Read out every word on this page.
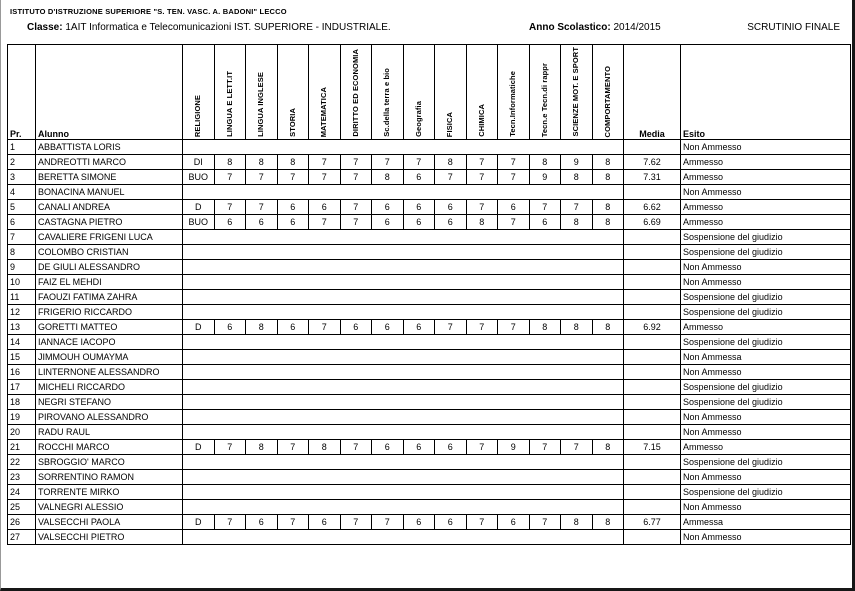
ISTITUTO D'ISTRUZIONE SUPERIORE "S. TEN. VASC. A. BADONI" LECCO
Classe: 1AIT Informatica e Telecomunicazioni IST. SUPERIORE - INDUSTRIALE.	Anno Scolastico: 2014/2015	SCRUTINIO FINALE
Pr.	Alunno	RELIGIONE	LINGUA E LETT.IT	LINGUA INGLESE	STORIA	MATEMATICA	DIRITTO ED ECONOMIA	Sc.della terra e bio	Geografia	FISICA	CHIMICA	Tecn.Informatiche	Tecn.e Tecn.di rappr	SCIENZE MOT. E SPORT	COMPORTAMENTO	Media	Esito
1	ABBATTISTA LORIS																Non Ammesso
2	ANDREOTTI MARCO	DI	8	8	8	7	7	7	7	8	7	7	8	9	8	7.62	Ammesso
3	BERETTA SIMONE	BUO	7	7	7	7	7	8	6	7	7	7	9	8	8	7.31	Ammesso
4	BONACINA MANUEL																Non Ammesso
5	CANALI ANDREA	D	7	7	6	6	7	6	6	6	7	6	7	7	8	6.62	Ammesso
6	CASTAGNA PIETRO	BUO	6	6	6	7	7	6	6	6	8	7	6	8	8	6.69	Ammesso
7	CAVALIERE FRIGENI LUCA																Sospensione del giudizio
8	COLOMBO CRISTIAN																Sospensione del giudizio
9	DE GIULI ALESSANDRO																Non Ammesso
10	FAIZ EL MEHDI																Non Ammesso
11	FAOUZI FATIMA ZAHRA																Sospensione del giudizio
12	FRIGERIO RICCARDO																Sospensione del giudizio
13	GORETTI MATTEO	D	6	8	6	7	6	6	6	7	7	7	8	8	8	6.92	Ammesso
14	IANNACE IACOPO																Sospensione del giudizio
15	JIMMOUH OUMAYMA																Non Ammessa
16	LINTERNONE ALESSANDRO																Non Ammesso
17	MICHELI RICCARDO																Sospensione del giudizio
18	NEGRI STEFANO																Sospensione del giudizio
19	PIROVANO ALESSANDRO																Non Ammesso
20	RADU RAUL																Non Ammesso
21	ROCCHI MARCO	D	7	8	7	8	7	6	6	6	7	9	7	7	8	7.15	Ammesso
22	SBROGGIO' MARCO																Sospensione del giudizio
23	SORRENTINO RAMON																Non Ammesso
24	TORRENTE MIRKO																Sospensione del giudizio
25	VALNEGRI ALESSIO																Non Ammesso
26	VALSECCHI PAOLA	D	7	6	7	6	7	7	6	6	7	6	7	8	8	6.77	Ammessa
27	VALSECCHI PIETRO																Non Ammesso
